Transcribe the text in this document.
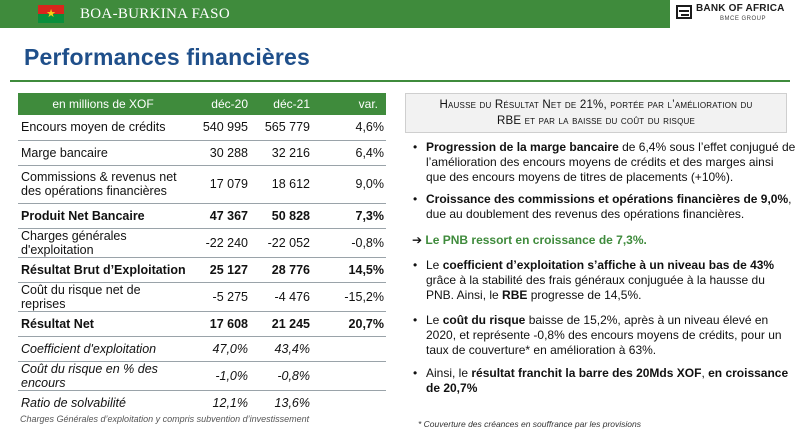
★	BOA-BURKINA FASO	BANK OF AFRICA
BMCE GROUP
Performances financières
en millions de XOF	déc-20	déc-21	var.
Encours moyen de crédits	540 995	565 779	4,6%
Marge bancaire	30 288	32 216	6,4%
Commissions & revenus net des opérations financières	17 079	18 612	9,0%
Produit Net Bancaire	47 367	50 828	7,3%
Charges générales d'exploitation	-22 240	-22 052	-0,8%
Résultat Brut d’Exploitation	25 127	28 776	14,5%
Coût du risque net de reprises	-5 275	-4 476	-15,2%
Résultat Net	17 608	21 245	20,7%
Coefficient d'exploitation	47,0%	43,4%	
Coût du risque en % des encours	-1,0%	-0,8%	
Ratio de solvabilité	12,1%	13,6%	
Charges Générales d’exploitation y compris subvention d’investissement
Hausse du Résultat Net de 21%, portée par l’amélioration du
RBE et par la baisse du coût du risque
• Progression de la marge bancaire de 6,4% sous l’effet conjugué de l’amélioration des encours moyens de crédits et des marges ainsi que des encours moyens de titres de placements (+10%).
• Croissance des commissions et opérations financières de 9,0%, due au doublement des revenus des opérations financières.
➔ Le PNB ressort en croissance de 7,3%.
• Le coefficient d’exploitation s’affiche à un niveau bas de 43% grâce à la stabilité des frais généraux conjuguée à la hausse du PNB. Ainsi, le RBE progresse de 14,5%.
• Le coût du risque baisse de 15,2%, après à un niveau élevé en 2020, et représente -0,8% des encours moyens de crédits, pour un taux de couverture* en amélioration à 63%.
• Ainsi, le résultat franchit la barre des 20Mds XOF, en croissance de 20,7%
* Couverture des créances en souffrance par les provisions
